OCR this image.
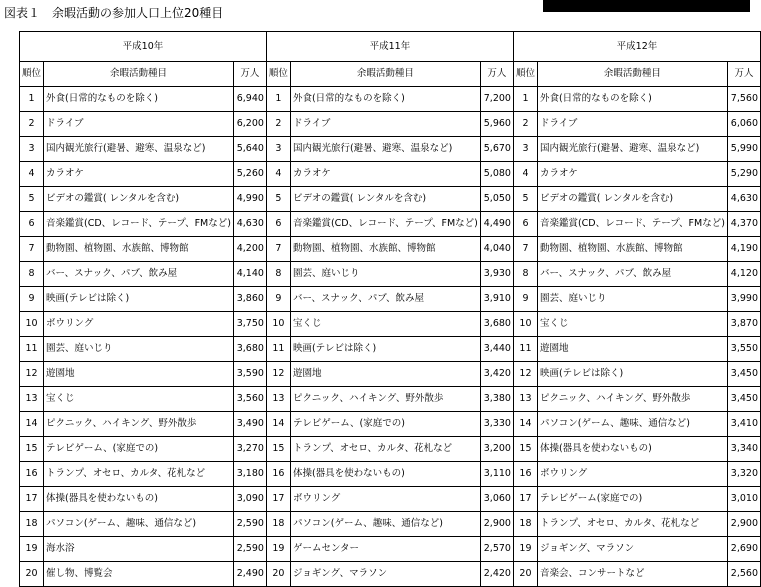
図表１　余暇活動の参加人口上位20種目
平成10年			平成11年			平成12年		
順位	余暇活動種目	万人	順位	余暇活動種目	万人	順位	余暇活動種目	万人
1	外食(日常的なものを除く)	6,940	1	外食(日常的なものを除く)	7,200	1	外食(日常的なものを除く)	7,560
2	ドライブ	6,200	2	ドライブ	5,960	2	ドライブ	6,060
3	国内観光旅行(避暑、避寒、温泉など)	5,640	3	国内観光旅行(避暑、避寒、温泉など)	5,670	3	国内観光旅行(避暑、避寒、温泉など)	5,990
4	カラオケ	5,260	4	カラオケ	5,080	4	カラオケ	5,290
5	ビデオの鑑賞( レンタルを含む)	4,990	5	ビデオの鑑賞( レンタルを含む)	5,050	5	ビデオの鑑賞( レンタルを含む)	4,630
6	音楽鑑賞(CD、レコード、テープ、FMなど)	4,630	6	音楽鑑賞(CD、レコード、テープ、FMなど)	4,490	6	音楽鑑賞(CD、レコード、テープ、FMなど)	4,370
7	動物園、植物園、水族館、博物館	4,200	7	動物園、植物園、水族館、博物館	4,040	7	動物園、植物園、水族館、博物館	4,190
8	バー、スナック、パブ、飲み屋	4,140	8	園芸、庭いじり	3,930	8	バー、スナック、パブ、飲み屋	4,120
9	映画(テレビは除く)	3,860	9	バー、スナック、パブ、飲み屋	3,910	9	園芸、庭いじり	3,990
10	ボウリング	3,750	10	宝くじ	3,680	10	宝くじ	3,870
11	園芸、庭いじり	3,680	11	映画(テレビは除く)	3,440	11	遊園地	3,550
12	遊園地	3,590	12	遊園地	3,420	12	映画(テレビは除く)	3,450
13	宝くじ	3,560	13	ピクニック、ハイキング、野外散歩	3,380	13	ピクニック、ハイキング、野外散歩	3,450
14	ピクニック、ハイキング、野外散歩	3,490	14	テレビゲーム、(家庭での)	3,330	14	パソコン(ゲーム、趣味、通信など)	3,410
15	テレビゲーム、(家庭での)	3,270	15	トランプ、オセロ、カルタ、花札など	3,200	15	体操(器具を使わないもの)	3,340
16	トランプ、オセロ、カルタ、花札など	3,180	16	体操(器具を使わないもの)	3,110	16	ボウリング	3,320
17	体操(器具を使わないもの)	3,090	17	ボウリング	3,060	17	テレビゲーム(家庭での)	3,010
18	パソコン(ゲーム、趣味、通信など)	2,590	18	パソコン(ゲーム、趣味、通信など)	2,900	18	トランプ、オセロ、カルタ、花札など	2,900
19	海水浴	2,590	19	ゲームセンター	2,570	19	ジョギング、マラソン	2,690
20	催し物、博覧会	2,490	20	ジョギング、マラソン	2,420	20	音楽会、コンサートなど	2,560
